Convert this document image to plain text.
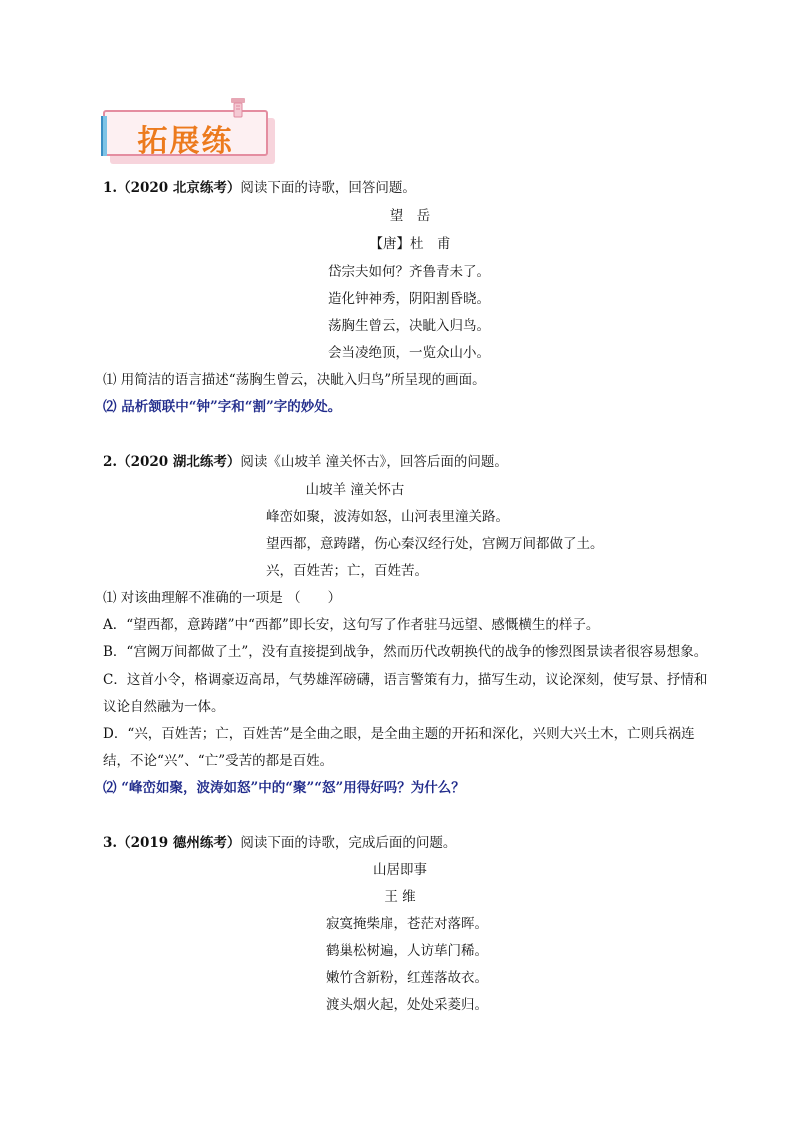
拓展练
1.（2020 北京练考）阅读下面的诗歌，回答问题。
望　岳
【唐】杜　甫
岱宗夫如何？齐鲁青未了。
造化钟神秀，阴阳割昏晓。
荡胸生曾云，决眦入归鸟。
会当凌绝顶，一览众山小。
⑴ 用简洁的语言描述“荡胸生曾云，决眦入归鸟”所呈现的画面。
⑵ 品析颔联中“钟”字和“割”字的妙处。
2.（2020 湖北练考）阅读《山坡羊 潼关怀古》，回答后面的问题。
山坡羊 潼关怀古
峰峦如聚，波涛如怒，山河表里潼关路。
望西都，意踌躇，伤心秦汉经行处，宫阙万间都做了土。
兴，百姓苦；亡，百姓苦。
⑴ 对该曲理解不准确的一项是 （　　）
A．“望西都，意踌躇”中“西都”即长安，这句写了作者驻马远望、感慨横生的样子。
B．“宫阙万间都做了土”，没有直接提到战争，然而历代改朝换代的战争的惨烈图景读者很容易想象。
C．这首小令，格调豪迈高昂，气势雄浑磅礴，语言警策有力，描写生动，议论深刻，使写景、抒情和
议论自然融为一体。
D．“兴，百姓苦；亡，百姓苦”是全曲之眼，是全曲主题的开拓和深化，兴则大兴土木，亡则兵祸连
结，不论“兴”、“亡”受苦的都是百姓。
⑵ “峰峦如聚，波涛如怒”中的“聚”“怒”用得好吗？为什么？
3.（2019 德州练考）阅读下面的诗歌，完成后面的问题。
山居即事
王 维
寂寞掩柴扉，苍茫对落晖。
鹤巢松树遍，人访荜门稀。
嫩竹含新粉，红莲落故衣。
渡头烟火起，处处采菱归。
